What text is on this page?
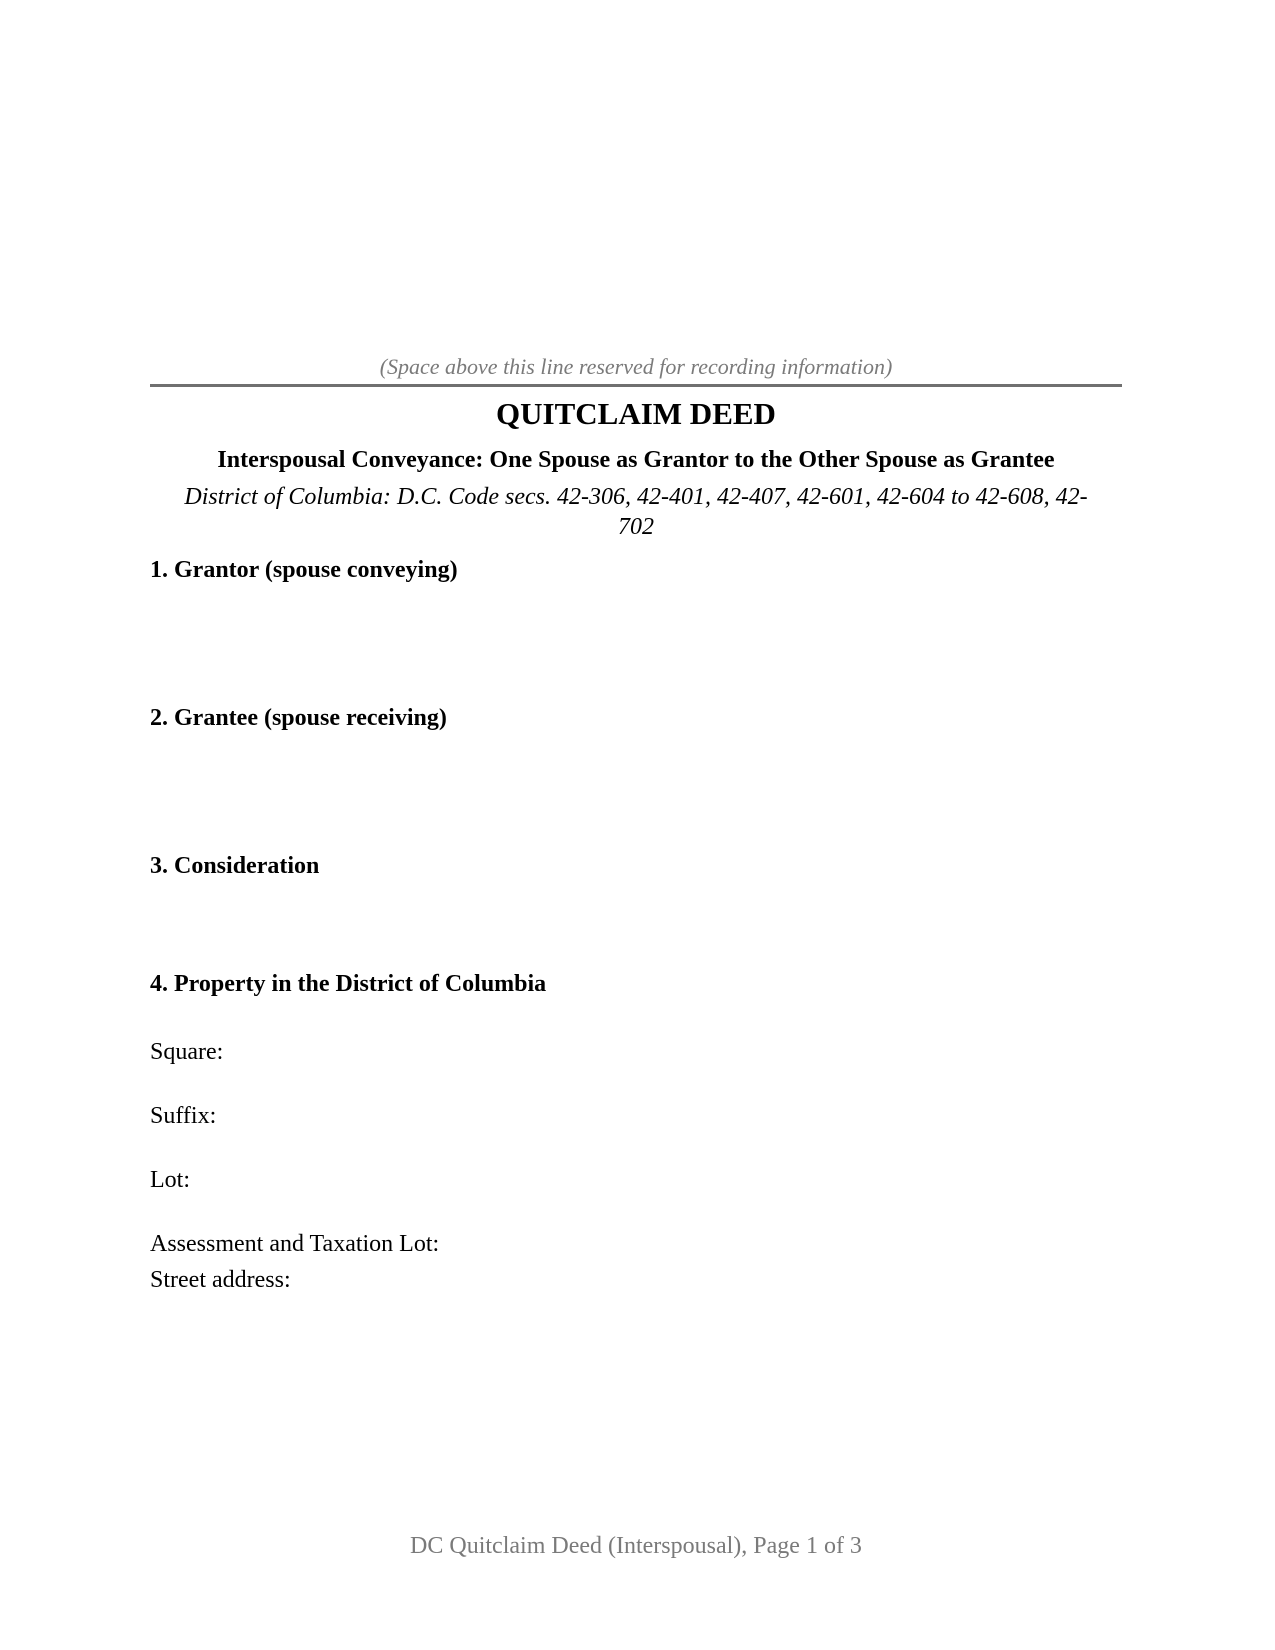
(Space above this line reserved for recording information)
QUITCLAIM DEED
Interspousal Conveyance: One Spouse as Grantor to the Other Spouse as Grantee
District of Columbia: D.C. Code secs. 42-306, 42-401, 42-407, 42-601, 42-604 to 42-608, 42-702
1. Grantor (spouse conveying)
2. Grantee (spouse receiving)
3. Consideration
4. Property in the District of Columbia
Square:
Suffix:
Lot:
Assessment and Taxation Lot:
Street address:
DC Quitclaim Deed (Interspousal), Page 1 of 3
